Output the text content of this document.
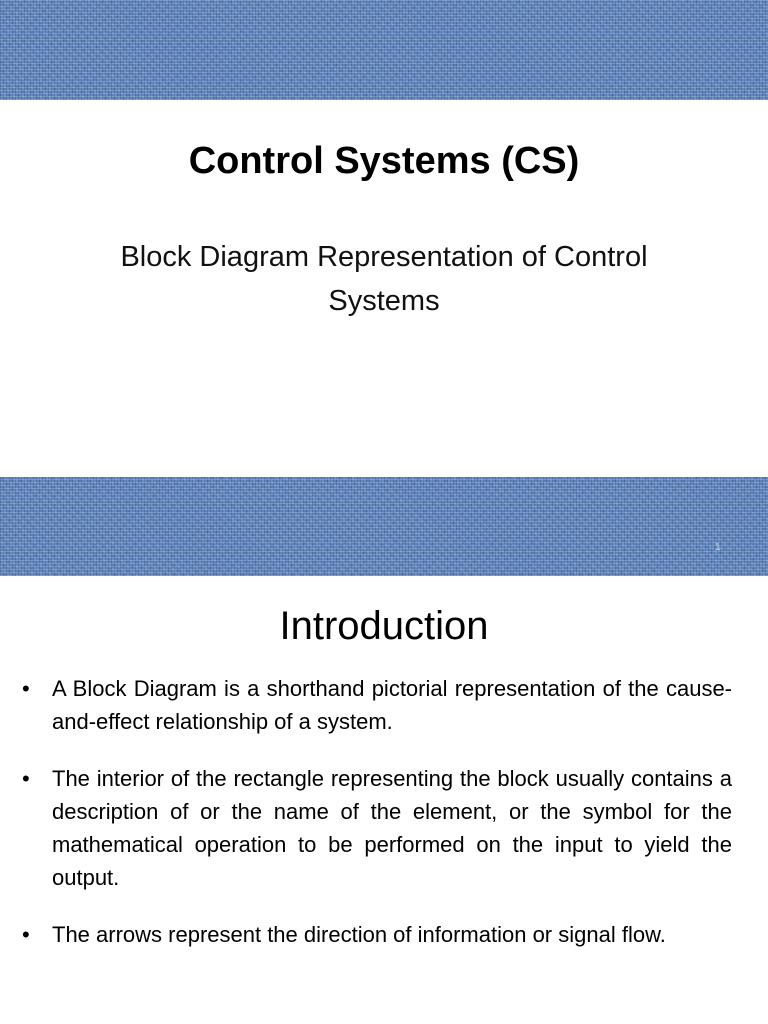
Control Systems (CS)

Block Diagram Representation of Control Systems

1
Introduction
•	A Block Diagram is a shorthand pictorial representation of the cause-and-effect relationship of a system.
•	The interior of the rectangle representing the block usually contains a description of or the name of the element, or the symbol for the mathematical operation to be performed on the input to yield the output.
•	The arrows represent the direction of information or signal flow.
